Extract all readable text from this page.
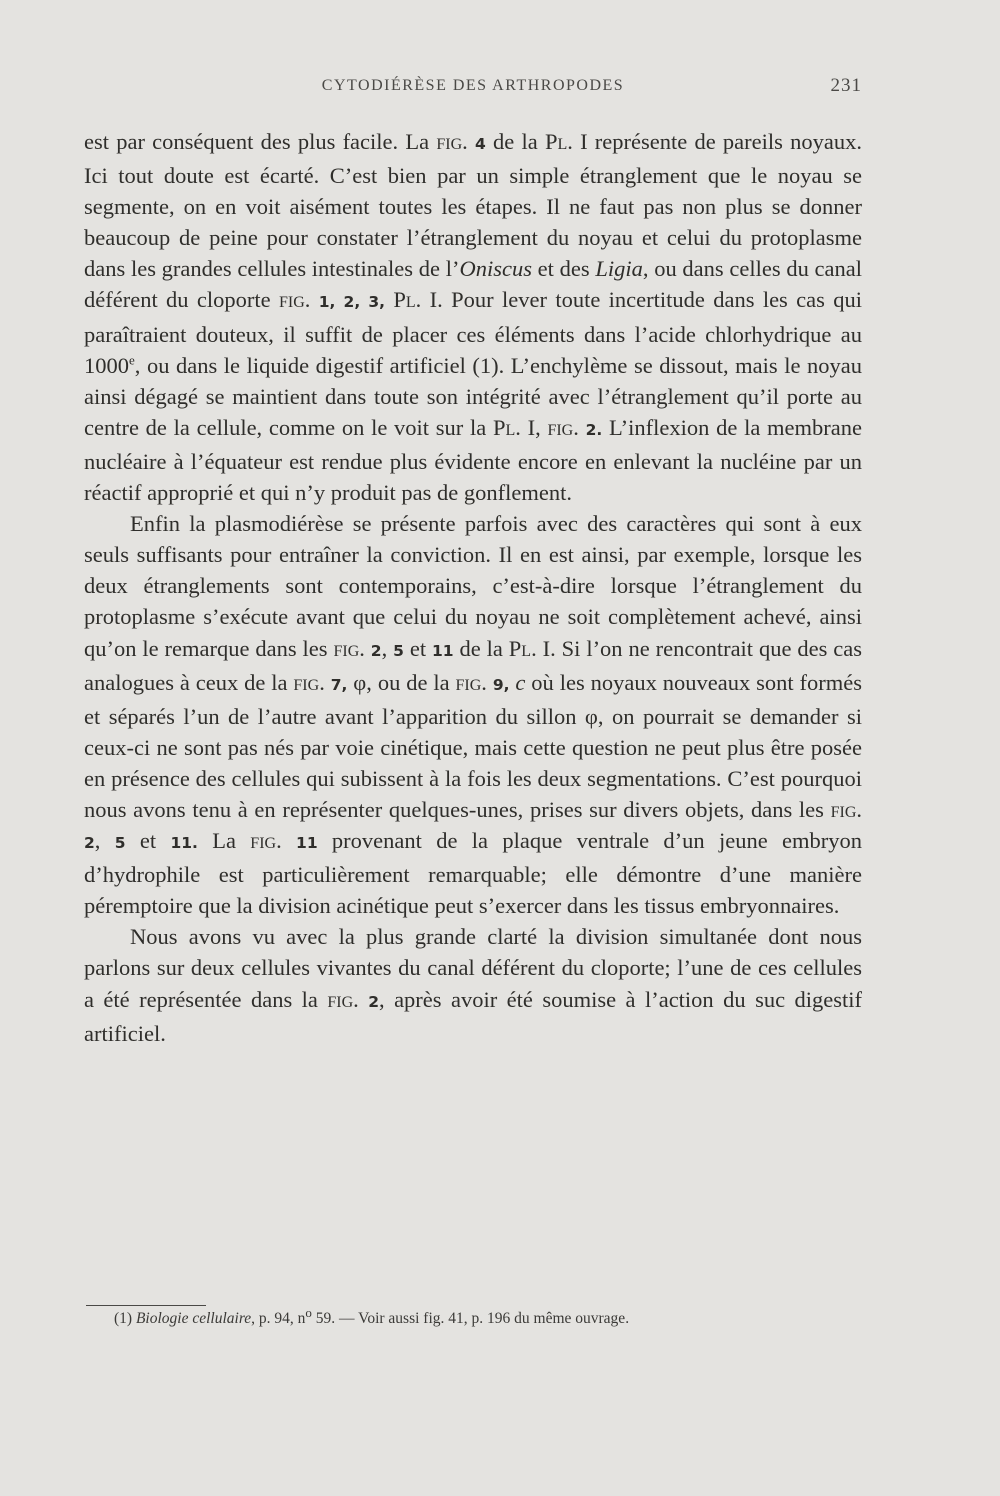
CYTODIÉRÈSE DES ARTHROPODES	231

est par conséquent des plus facile. La fig. 4 de la Pl. I représente de pareils noyaux. Ici tout doute est écarté. C’est bien par un simple étranglement que le noyau se segmente, on en voit aisément toutes les étapes. Il ne faut pas non plus se donner beaucoup de peine pour constater l’étranglement du noyau et celui du protoplasme dans les grandes cellules intestinales de l’Oniscus et des Ligia, ou dans celles du canal déférent du cloporte fig. 1, 2, 3, Pl. I. Pour lever toute incertitude dans les cas qui paraîtraient douteux, il suffit de placer ces éléments dans l’acide chlorhydrique au 1000e, ou dans le liquide digestif artificiel (1). L’enchylème se dissout, mais le noyau ainsi dégagé se maintient dans toute son intégrité avec l’étranglement qu’il porte au centre de la cellule, comme on le voit sur la Pl. I, fig. 2. L’inflexion de la membrane nucléaire à l’équateur est rendue plus évidente encore en enlevant la nucléine par un réactif approprié et qui n’y produit pas de gonflement.

Enfin la plasmodiérèse se présente parfois avec des caractères qui sont à eux seuls suffisants pour entraîner la conviction. Il en est ainsi, par exemple, lorsque les deux étranglements sont contemporains, c’est-à-dire lorsque l’étranglement du protoplasme s’exécute avant que celui du noyau ne soit complètement achevé, ainsi qu’on le remarque dans les fig. 2, 5 et 11 de la Pl. I. Si l’on ne rencontrait que des cas analogues à ceux de la fig. 7, φ, ou de la fig. 9, c où les noyaux nouveaux sont formés et séparés l’un de l’autre avant l’apparition du sillon φ, on pourrait se demander si ceux-ci ne sont pas nés par voie cinétique, mais cette question ne peut plus être posée en présence des cellules qui subissent à la fois les deux segmentations. C’est pourquoi nous avons tenu à en représenter quelques-unes, prises sur divers objets, dans les fig. 2, 5 et 11. La fig. 11 provenant de la plaque ventrale d’un jeune embryon d’hydrophile est particulièrement remarquable; elle démontre d’une manière péremptoire que la division acinétique peut s’exercer dans les tissus embryonnaires.

Nous avons vu avec la plus grande clarté la division simultanée dont nous parlons sur deux cellules vivantes du canal déférent du cloporte; l’une de ces cellules a été représentée dans la fig. 2, après avoir été soumise à l’action du suc digestif artificiel.

(1) Biologie cellulaire, p. 94, $n^o$ 59. — Voir aussi fig. 41, p. 196 du même ouvrage.
